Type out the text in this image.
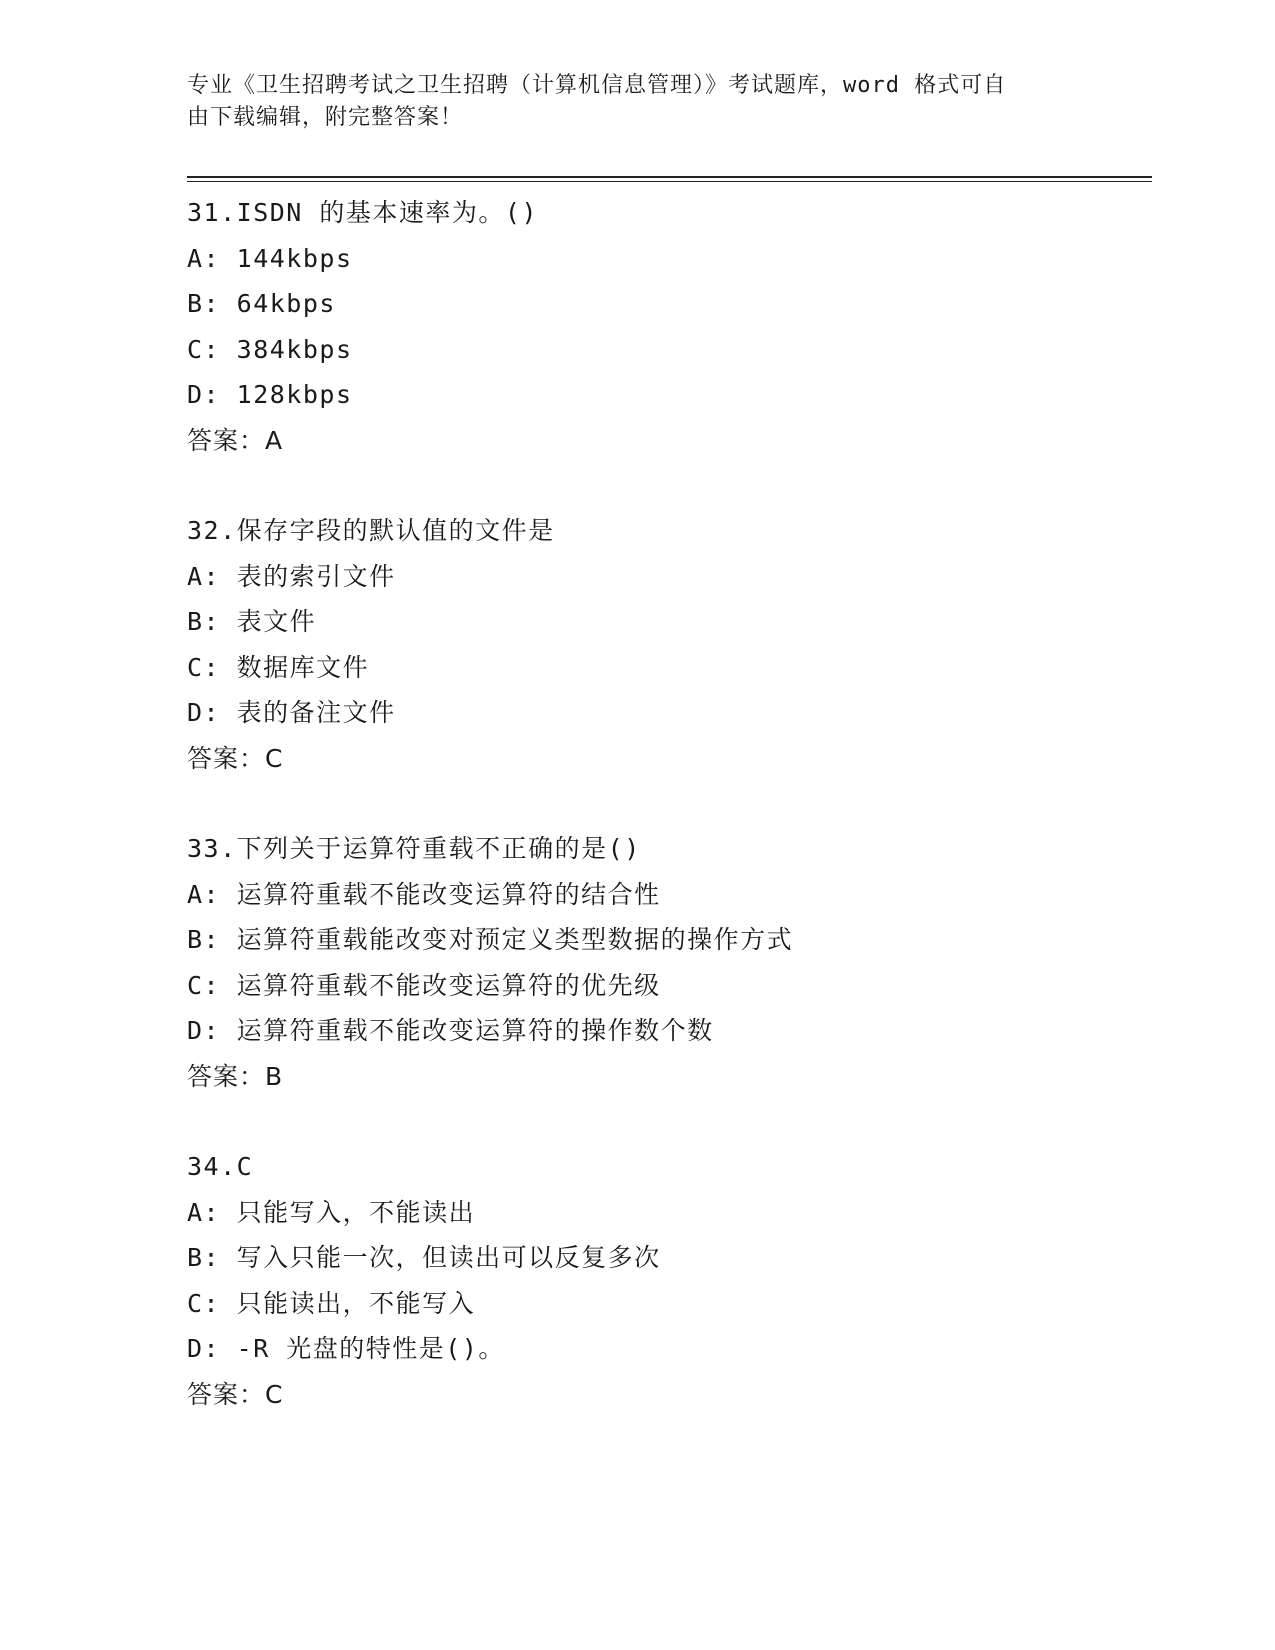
专业《卫生招聘考试之卫生招聘（计算机信息管理）》考试题库，word 格式可自
由下载编辑，附完整答案！
31.ISDN 的基本速率为。()
A: 144kbps
B: 64kbps
C: 384kbps
D: 128kbps
答案：A
32.保存字段的默认值的文件是
A: 表的索引文件
B: 表文件
C: 数据库文件
D: 表的备注文件
答案：C
33.下列关于运算符重载不正确的是()
A: 运算符重载不能改变运算符的结合性
B: 运算符重载能改变对预定义类型数据的操作方式
C: 运算符重载不能改变运算符的优先级
D: 运算符重载不能改变运算符的操作数个数
答案：B
34.C
A: 只能写入，不能读出
B: 写入只能一次，但读出可以反复多次
C: 只能读出，不能写入
D: -R 光盘的特性是()。
答案：C
